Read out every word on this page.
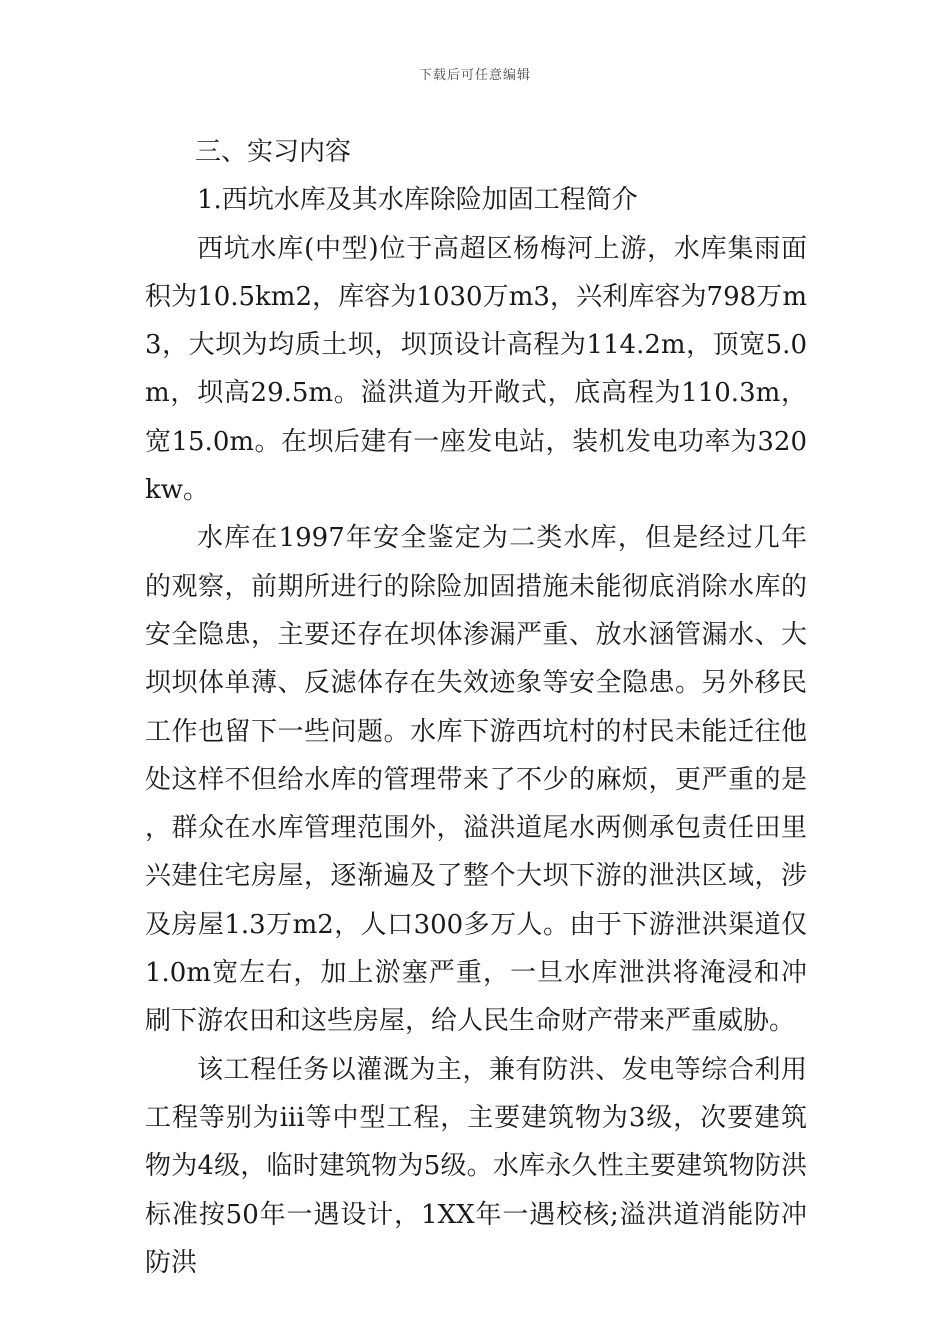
下载后可任意编辑

三、实习内容

1.西坑水库及其水库除险加固工程简介

西坑水库(中型)位于高超区杨梅河上游，水库集雨面积为10.5km2，库容为1030万m3，兴利库容为798万m3，大坝为均质土坝，坝顶设计高程为114.2m，顶宽5.0m，坝高29.5m。溢洪道为开敞式，底高程为110.3m，宽15.0m。在坝后建有一座发电站，装机发电功率为320kw。

水库在1997年安全鉴定为二类水库，但是经过几年的观察，前期所进行的除险加固措施未能彻底消除水库的安全隐患，主要还存在坝体渗漏严重、放水涵管漏水、大坝坝体单薄、反滤体存在失效迹象等安全隐患。另外移民工作也留下一些问题。水库下游西坑村的村民未能迁往他处这样不但给水库的管理带来了不少的麻烦，更严重的是，群众在水库管理范围外，溢洪道尾水两侧承包责任田里兴建住宅房屋，逐渐遍及了整个大坝下游的泄洪区域，涉及房屋1.3万m2，人口300多万人。由于下游泄洪渠道仅1.0m宽左右，加上淤塞严重，一旦水库泄洪将淹浸和冲刷下游农田和这些房屋，给人民生命财产带来严重威胁。

该工程任务以灌溉为主，兼有防洪、发电等综合利用工程等别为iii等中型工程，主要建筑物为3级，次要建筑物为4级，临时建筑物为5级。水库永久性主要建筑物防洪标准按50年一遇设计，1XX年一遇校核;溢洪道消能防冲防洪
